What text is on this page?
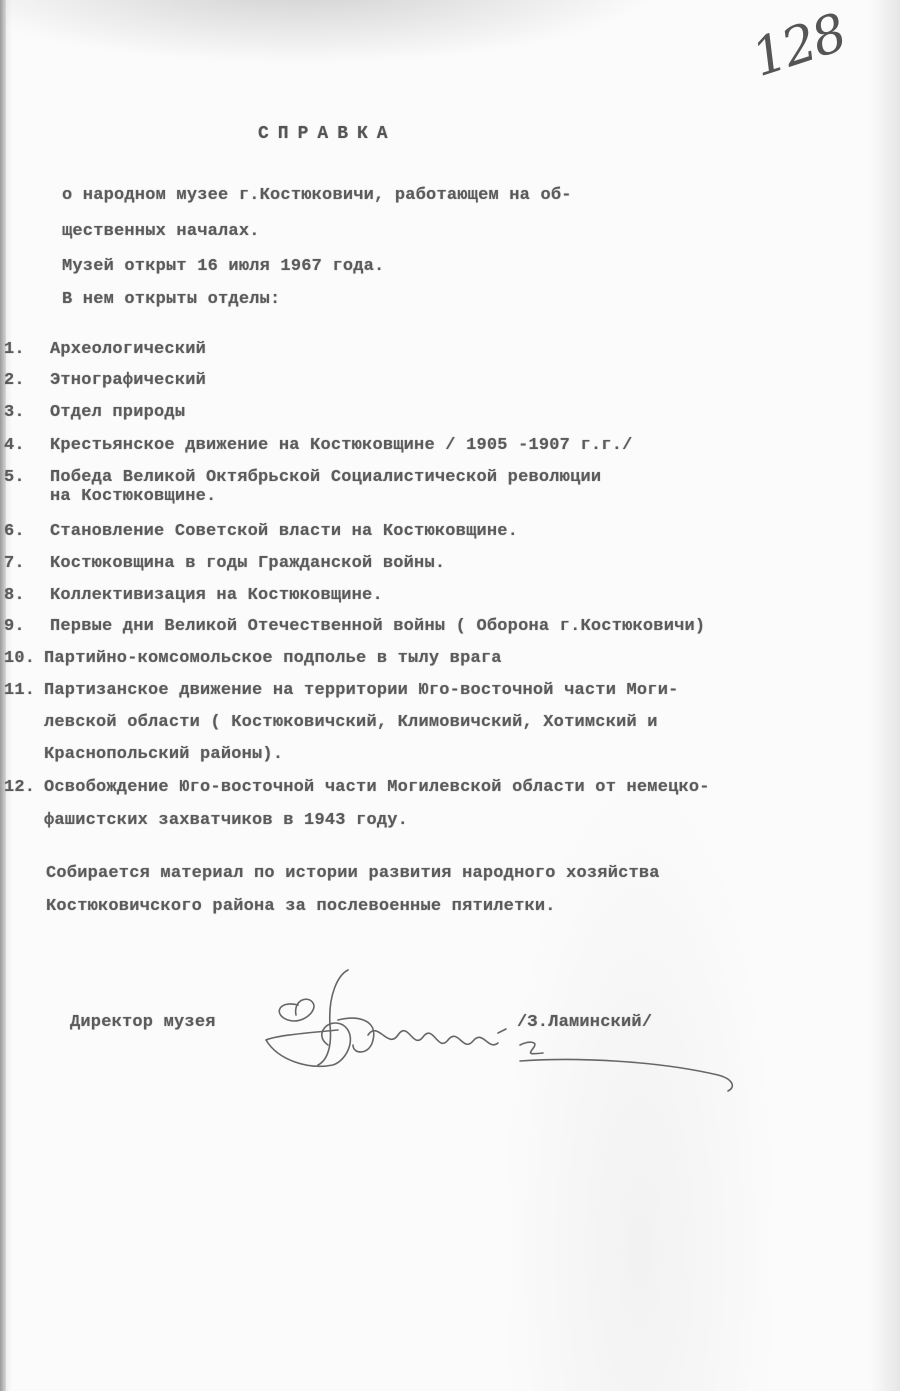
128
СПРАВКА
о народном музее г.Костюковичи, работающем на об-
щественных началах.
Музей открыт 16 июля 1967 года.
В нем открыты отделы:
1. Археологический
2. Этнографический
3. Отдел природы
4. Крестьянское движение на Костюковщине / 1905 -1907 г.г./
5. Победа Великой Октябрьской Социалистической революции
на Костюковщине.
6. Становление Советской власти на Костюковщине.
7. Костюковщина в годы Гражданской войны.
8. Коллективизация на Костюковщине.
9. Первые дни Великой Отечественной войны ( Оборона г.Костюковичи)
10. Партийно-комсомольское подполье в тылу врага
11. Партизанское движение на территории Юго-восточной части Моги-
левской области ( Костюковичский, Климовичский, Хотимский и
Краснопольский районы).
12. Освобождение Юго-восточной части Могилевской области от немецко-
фашистских захватчиков в 1943 году.
Собирается материал по истории развития народного хозяйства
Костюковичского района за послевоенные пятилетки.
Директор музея	/З.Ламинский/
